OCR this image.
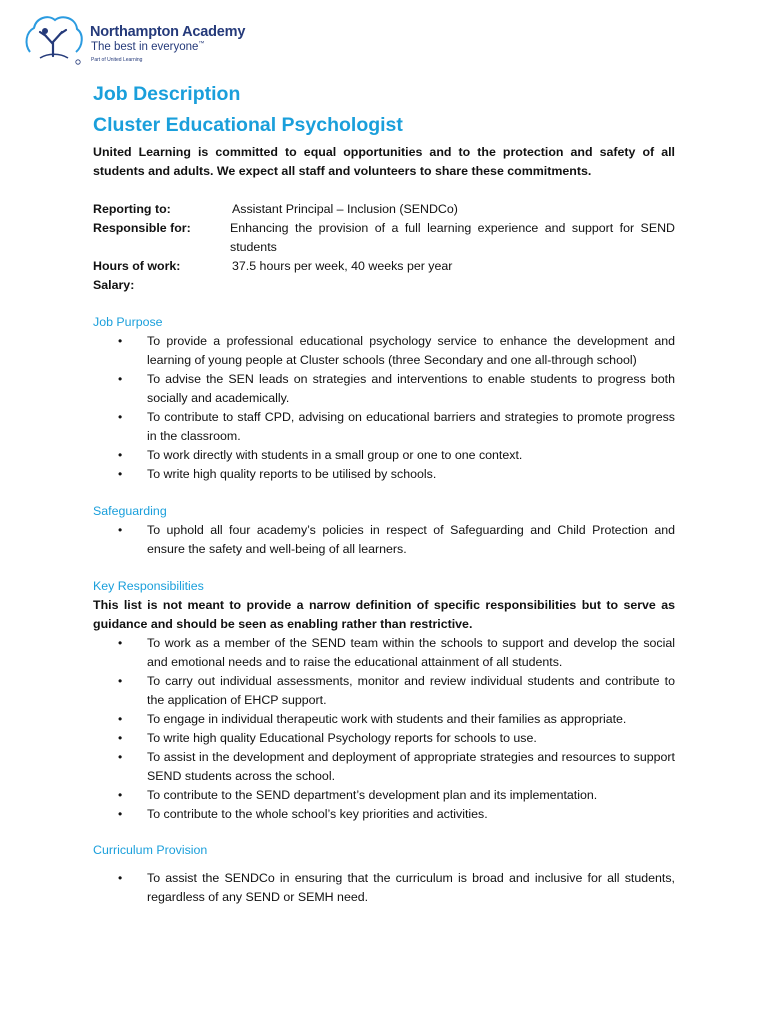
Northampton Academy
The best in everyone™
Part of United Learning
Job Description
Cluster Educational Psychologist

United Learning is committed to equal opportunities and to the protection and safety of all students and adults. We expect all staff and volunteers to share these commitments.

Reporting to:	Assistant Principal – Inclusion (SENDCo)
Responsible for:	Enhancing the provision of a full learning experience and support for SEND students
Hours of work:	37.5 hours per week, 40 weeks per year
Salary:
Job Purpose
• To provide a professional educational psychology service to enhance the development and learning of young people at Cluster schools (three Secondary and one all-through school)
• To advise the SEN leads on strategies and interventions to enable students to progress both socially and academically.
• To contribute to staff CPD, advising on educational barriers and strategies to promote progress in the classroom.
• To work directly with students in a small group or one to one context.
• To write high quality reports to be utilised by schools.
Safeguarding
• To uphold all four academy’s policies in respect of Safeguarding and Child Protection and ensure the safety and well-being of all learners.
Key Responsibilities
This list is not meant to provide a narrow definition of specific responsibilities but to serve as guidance and should be seen as enabling rather than restrictive.
• To work as a member of the SEND team within the schools to support and develop the social and emotional needs and to raise the educational attainment of all students.
• To carry out individual assessments, monitor and review individual students and contribute to the application of EHCP support.
• To engage in individual therapeutic work with students and their families as appropriate.
• To write high quality Educational Psychology reports for schools to use.
• To assist in the development and deployment of appropriate strategies and resources to support SEND students across the school.
• To contribute to the SEND department’s development plan and its implementation.
• To contribute to the whole school’s key priorities and activities.
Curriculum Provision
• To assist the SENDCo in ensuring that the curriculum is broad and inclusive for all students, regardless of any SEND or SEMH need.
